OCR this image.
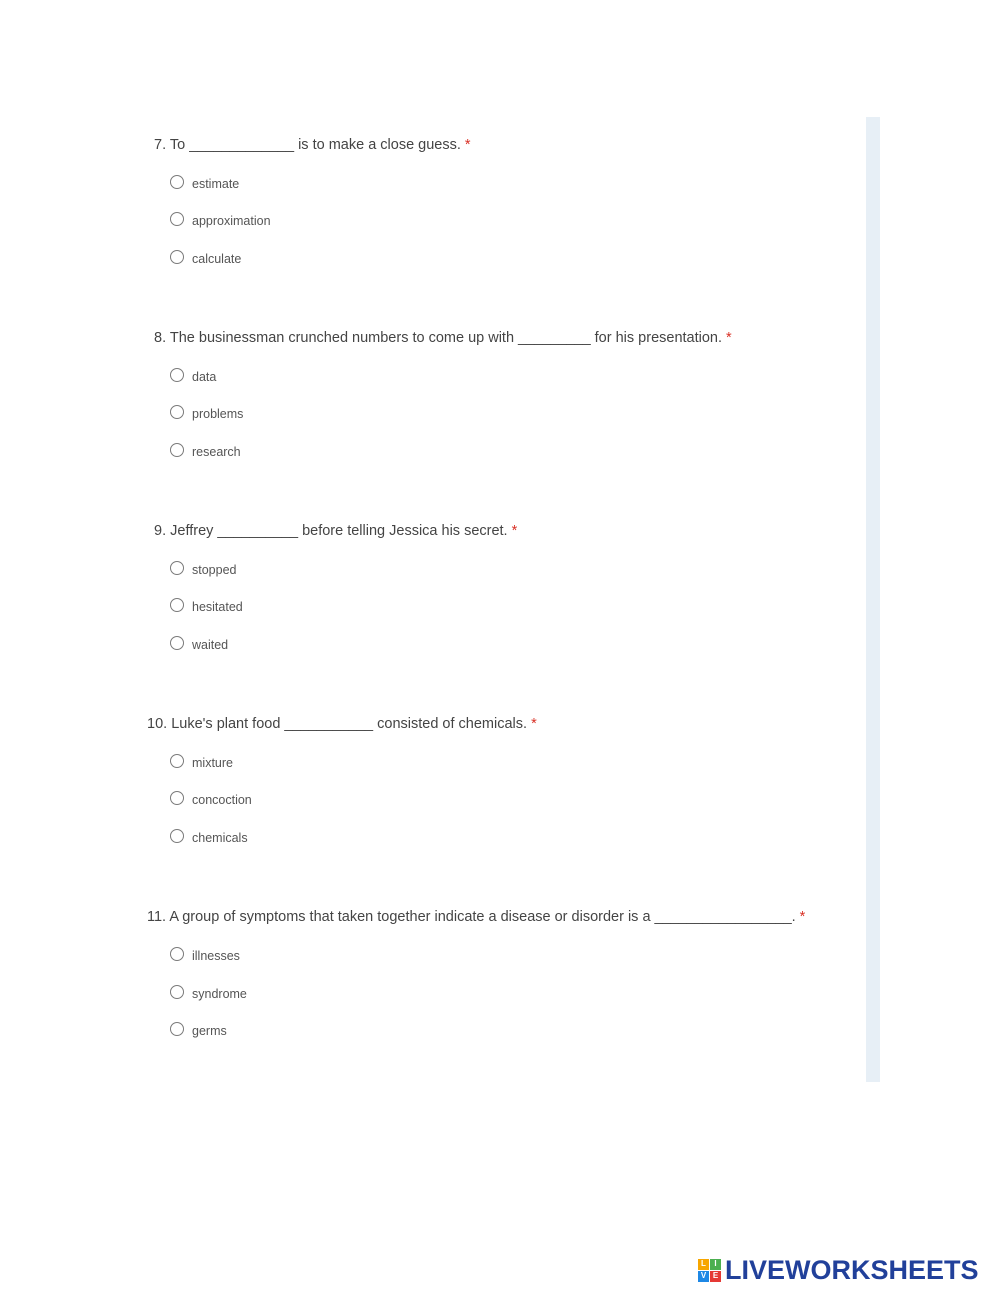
7. To _____________ is to make a close guess. *
estimate
approximation
calculate
8. The businessman crunched numbers to come up with _________ for his presentation. *
data
problems
research
9. Jeffrey __________ before telling Jessica his secret. *
stopped
hesitated
waited
10. Luke's plant food ___________ consisted of chemicals. *
mixture
concoction
chemicals
11. A group of symptoms that taken together indicate a disease or disorder is a _________________. *
illnesses
syndrome
germs
L	I
V E LIVEWORKSHEETS
